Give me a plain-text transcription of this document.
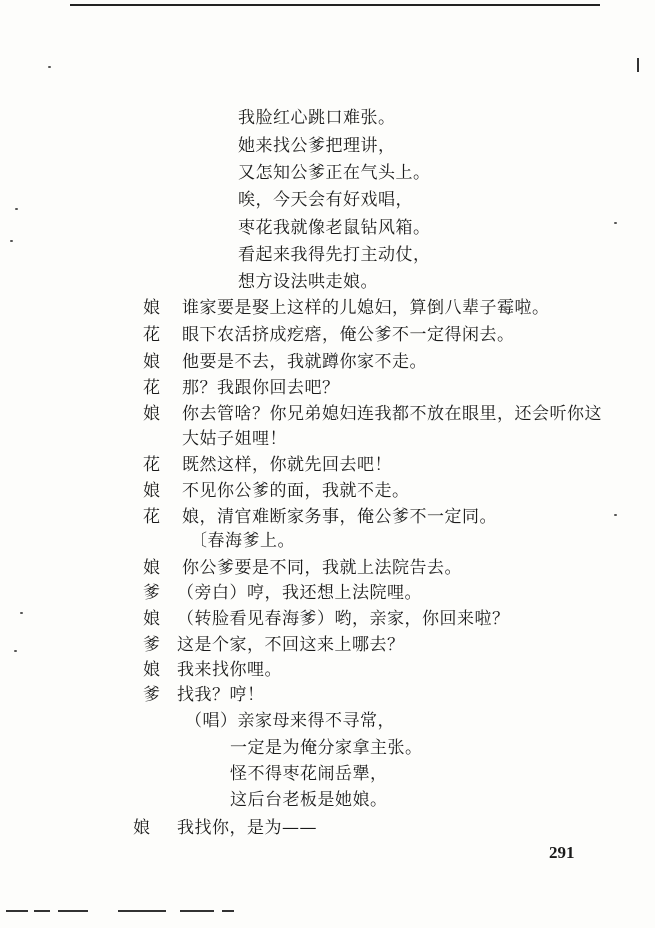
我脸红心跳口难张。
她来找公爹把理讲，
又怎知公爹正在气头上。
唉，今天会有好戏唱，
枣花我就像老鼠钻风箱。
看起来我得先打主动仗，
想方设法哄走娘。
娘 谁家要是娶上这样的儿媳妇，算倒八辈子霉啦。
花 眼下农活挤成疙瘩，俺公爹不一定得闲去。
娘 他要是不去，我就蹲你家不走。
花 那？我跟你回去吧？
娘 你去管啥？你兄弟媳妇连我都不放在眼里，还会听你这
大姑子姐哩！
花 既然这样，你就先回去吧！
娘 不见你公爹的面，我就不走。
花 娘，清官难断家务事，俺公爹不一定同。
〔春海爹上。
娘 你公爹要是不同，我就上法院告去。
爹 （旁白）哼，我还想上法院哩。
娘 （转脸看见春海爹）哟，亲家，你回来啦？
爹 这是个家，不回这来上哪去？
娘 我来找你哩。
爹 找我？哼！
（唱）亲家母来得不寻常，
一定是为俺分家拿主张。
怪不得枣花闹岳犟，
这后台老板是她娘。
娘 我找你，是为——
291
